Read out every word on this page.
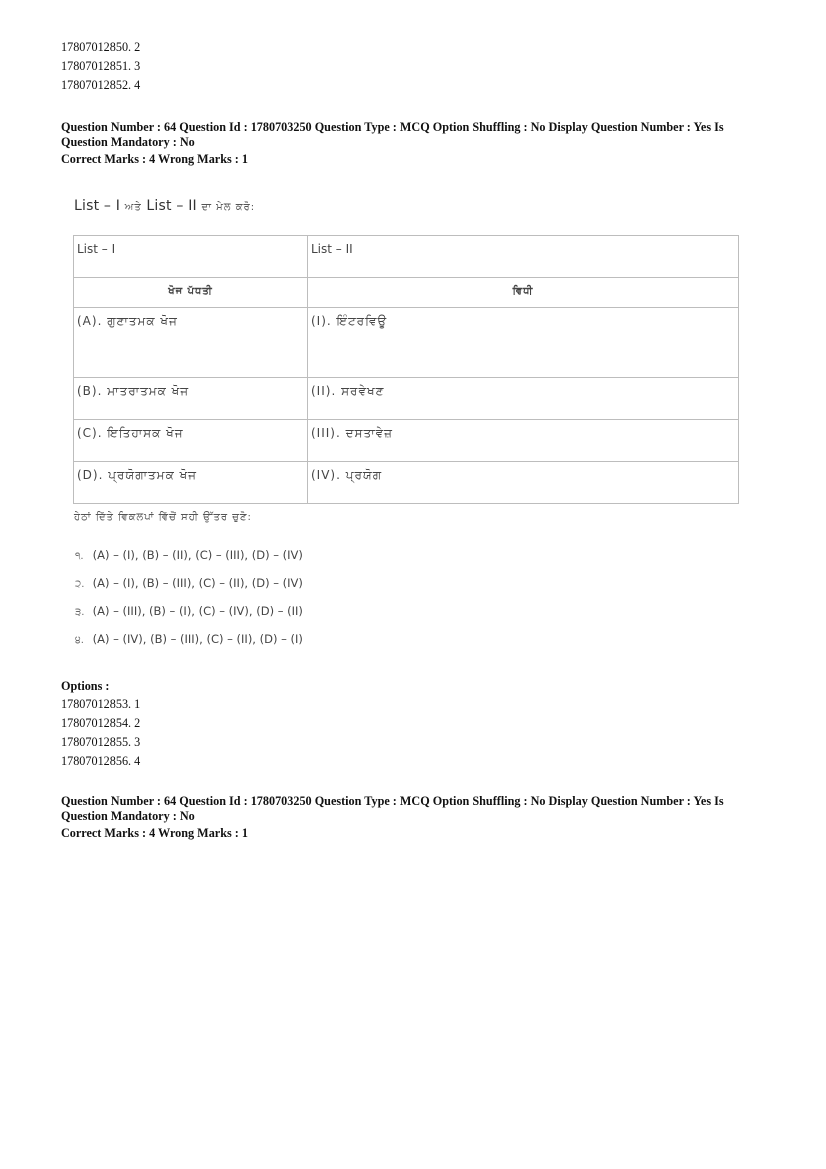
17807012850. 2
17807012851. 3
17807012852. 4
Question Number : 64 Question Id : 1780703250 Question Type : MCQ Option Shuffling : No Display Question Number : Yes Is
Question Mandatory : No
Correct Marks : 4 Wrong Marks : 1
List – I ਅਤੇ List – II ਦਾ ਮੇਲ ਕਰੋ:
List – I	List – II
ਖੋਜ ਪੱਧਤੀ	ਵਿਧੀ
(A). ਗੁਣਾਤਮਕ ਖੋਜ	(I). ਇੰਟਰਵਿਊ
(B). ਮਾਤਰਾਤਮਕ ਖੋਜ	(II). ਸਰਵੇਖਣ
(C). ਇਤਿਹਾਸਕ ਖੋਜ	(III). ਦਸਤਾਵੇਜ਼
(D). ਪ੍ਰਯੋਗਾਤਮਕ ਖੋਜ	(IV). ਪ੍ਰਯੋਗ
ਹੇਠਾਂ ਦਿੱਤੇ ਵਿਕਲਪਾਂ ਵਿੱਚੋਂ ਸਹੀ ਉੱਤਰ ਚੁਣੋ:
੧. (A) – (I), (B) – (II), (C) – (III), (D) – (IV)
੨. (A) – (I), (B) – (III), (C) – (II), (D) – (IV)
੩. (A) – (III), (B) – (I), (C) – (IV), (D) – (II)
੪. (A) – (IV), (B) – (III), (C) – (II), (D) – (I)
Options :
17807012853. 1
17807012854. 2
17807012855. 3
17807012856. 4
Question Number : 64 Question Id : 1780703250 Question Type : MCQ Option Shuffling : No Display Question Number : Yes Is
Question Mandatory : No
Correct Marks : 4 Wrong Marks : 1
